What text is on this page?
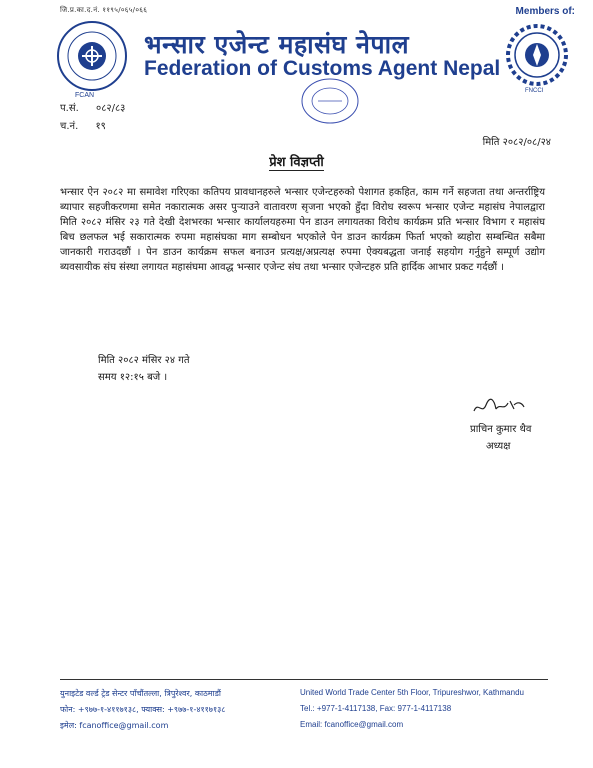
जि.प्र.का.द.नं. ११९५/०६५/०६६	Members of:
FCAN
भन्सार एजेन्ट महासंघ नेपाल
Federation of Customs Agent Nepal
FNCCI
प.सं. ०८२/८३
च.नं. १९
मिति २०८२/०८/२४
प्रेश विज्ञप्ती
भन्सार ऐन २०८२ मा समावेश गरिएका कतिपय प्रावधानहरुले भन्सार एजेन्टहरुको पेशागत हकहित, काम गर्ने सहजता तथा अन्तर्राष्ट्रिय ब्यापार सहजीकरणमा समेत नकारात्मक असर पुऱ्याउने वातावरण सृजना भएको हुँदा विरोध स्वरूप भन्सार एजेन्ट महासंघ नेपालद्वारा मिति २०८२ मंसिर २३ गते देखी देशभरका भन्सार कार्यालयहरुमा पेन डाउन लगायतका विरोध कार्यक्रम प्रति भन्सार विभाग र महासंघ बिच छलफल भई सकारात्मक रुपमा महासंघका माग सम्बोधन भएकोले पेन डाउन कार्यक्रम फिर्ता भएको ब्यहोरा सम्बन्धित सबैमा जानकारी गराउदछौं । पेन डाउन कार्यक्रम सफल बनाउन प्रत्यक्ष/अप्रत्यक्ष रुपमा ऐक्यबद्धता जनाई सहयोग गर्नुहुने सम्पूर्ण उद्योग ब्यवसायीक संघ संस्था लगायत महासंघमा आवद्ध भन्सार एजेन्ट संघ तथा भन्सार एजेन्टहरु प्रति हार्दिक आभार प्रकट गर्दछौं ।
मिति २०८२ मंसिर २४ गते
समय १२:१५ बजे ।
प्राचिन कुमार थैव
अध्यक्ष
युनाइटेड वर्ल्ड ट्रेड सेन्टर पाँचौंतल्ला, त्रिपुरेश्वर, काठमाडौं
फोन: +९७७-१-४११७१३८, फ्याक्स: +९७७-१-४११७१३८
इमेल: fcanoffice@gmail.com
United World Trade Center 5th Floor, Tripureshwor, Kathmandu
Tel.: +977-1-4117138, Fax: 977-1-4117138
Email: fcanoffice@gmail.com
